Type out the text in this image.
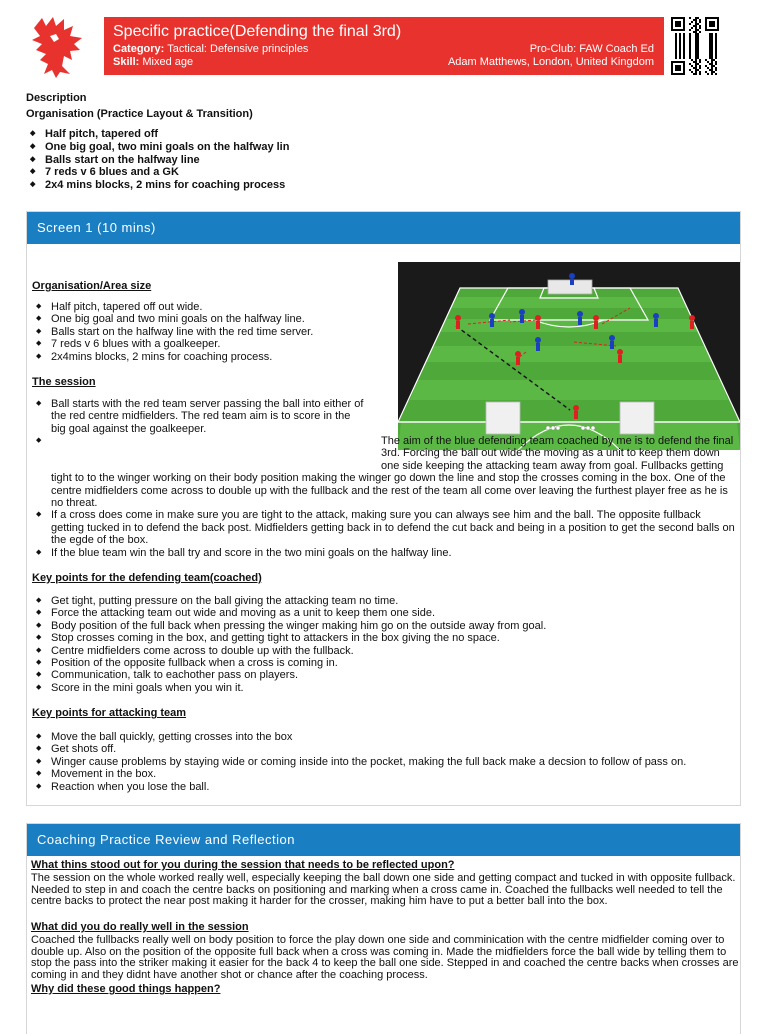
Specific practice(Defending the final 3rd)
Category: Tactical: Defensive principles
Skill: Mixed age
Pro-Club: FAW Coach Ed
Adam Matthews, London, United Kingdom
Description
Organisation (Practice Layout & Transition)
◆ Half pitch, tapered off
◆ One big goal, two mini goals on the halfway lin
◆ Balls start on the halfway line
◆ 7 reds v 6 blues and a GK
◆ 2x4 mins blocks, 2 mins for coaching process
Screen 1 (10 mins)
Organisation/Area size
◆ Half pitch, tapered off out wide.
◆ One big goal and two mini goals on the halfway line.
◆ Balls start on the halfway line with the red time server.
◆ 7 reds v 6 blues with a goalkeeper.
◆ 2x4mins blocks, 2 mins for coaching process.
The session
◆ Ball starts with the red team server passing the ball into either of the red centre midfielders. The red team aim is to score in the big goal against the goalkeeper.
◆ The aim of the blue defending team coached by me is to defend the final 3rd. Forcing the ball out wide the moving as a unit to keep them down one side keeping the attacking team away from goal. Fullbacks getting tight to to the winger working on their body position making the winger go down the line and stop the crosses coming in the box. One of the centre midfielders come across to double up with the fullback and the rest of the team all come over leaving the furthest player free as he is no threat.
◆ If a cross does come in make sure you are tight to the attack, making sure you can always see him and the ball. The opposite fullback getting tucked in to defend the back post. Midfielders getting back in to defend the cut back and being in a position to get the second balls on the egde of the box.
◆ If the blue team win the ball try and score in the two mini goals on the halfway line.
Key points for the defending team(coached)
◆ Get tight, putting pressure on the ball giving the attacking team no time.
◆ Force the attacking team out wide and moving as a unit to keep them one side.
◆ Body position of the full back when pressing the winger making him go on the outside away from goal.
◆ Stop crosses coming in the box, and getting tight to attackers in the box giving the no space.
◆ Centre midfielders come across to double up with the fullback.
◆ Position of the opposite fullback when a cross is coming in.
◆ Communication, talk to eachother pass on players.
◆ Score in the mini goals when you win it.
Key points for attacking team
◆ Move the ball quickly, getting crosses into the box
◆ Get shots off.
◆ Winger cause problems by staying wide or coming inside into the pocket, making the full back make a decsion to follow of pass on.
◆ Movement in the box.
◆ Reaction when you lose the ball.
Coaching Practice Review and Reflection
What thins stood out for you during the session that needs to be reflected upon?
The session on the whole worked really well, especially keeping the ball down one side and getting compact and tucked in with opposite fullback. Needed to step in and coach the centre backs on positioning and marking when a cross came in. Coached the fullbacks well needed to tell the centre backs to protect the near post making it harder for the crosser, making him have to put a better ball into the box.
What did you do really well in the session
Coached the fullbacks really well on body position to force the play down one side and comminication with the centre midfielder coming over to double up. Also on the position of the opposite full back when a cross was coming in. Made the midfielders force the ball wide by telling them to stop the pass into the striker making it easier for the back 4 to keep the ball one side. Stepped in and coached the centre backs when crosses are coming in and they didnt have another shot or chance after the coaching process.
Why did these good things happen?
